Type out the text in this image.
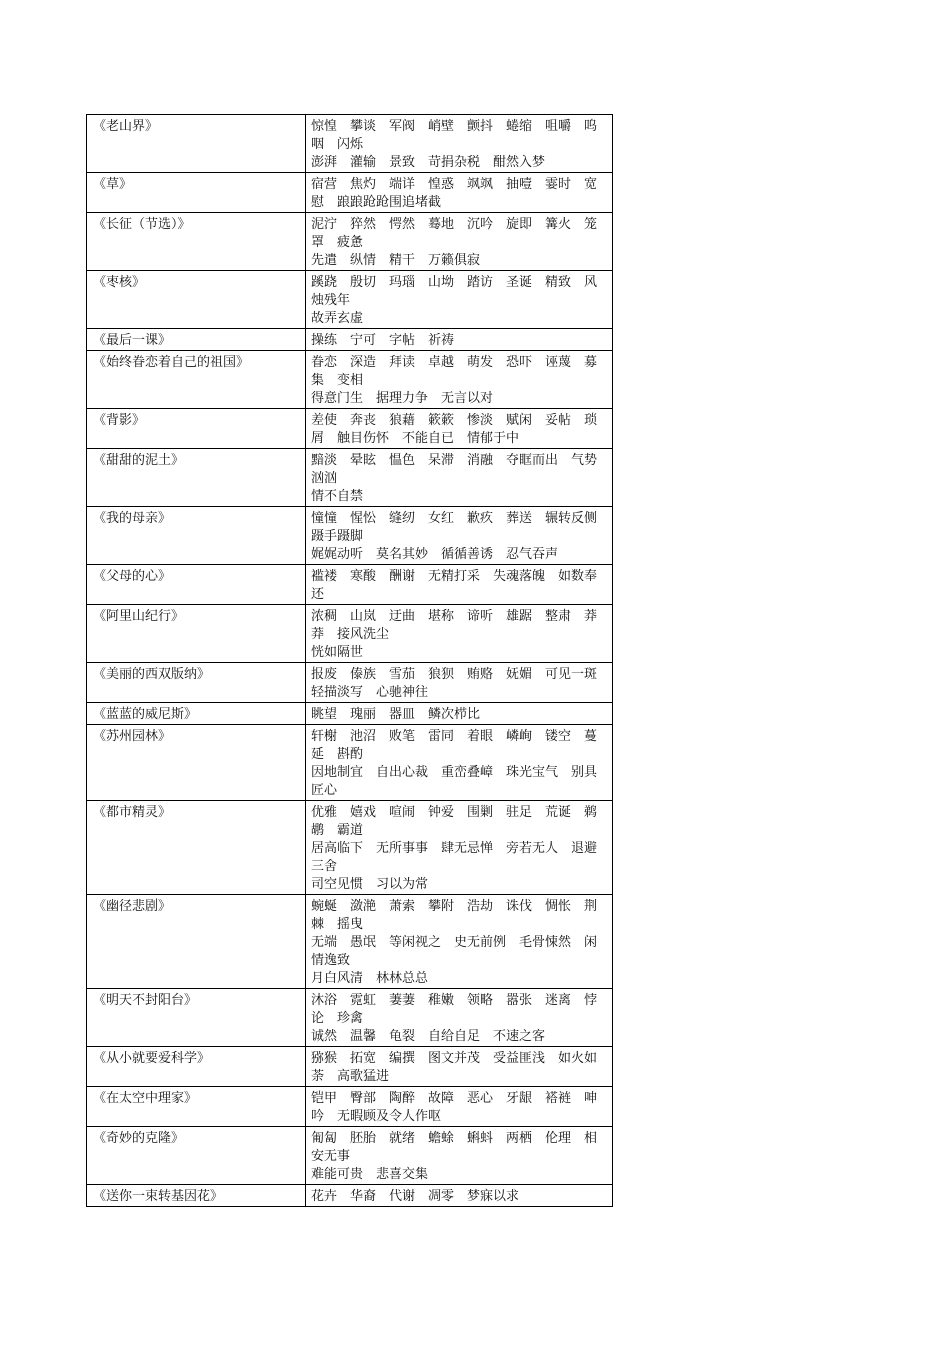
《老山界》	惊惶　攀谈　军阀　峭壁　颤抖　蜷缩　咀嚼　呜咽　闪烁
澎湃　灌输　景致　苛捐杂税　酣然入梦

《草》	宿营　焦灼　端详　惶惑　飒飒　抽噎　霎时　宽慰　踉踉跄跄围追堵截

《长征（节选）》	泥泞　猝然　愕然　蓦地　沉吟　旋即　篝火　笼罩　疲惫
先遣　纵情　精干　万籁俱寂

《枣核》	蹊跷　殷切　玛瑙　山坳　踏访　圣诞　精致　风烛残年
故弄玄虚

《最后一课》	操练　宁可　字帖　祈祷

《始终眷恋着自己的祖国》	眷恋　深造　拜读　卓越　萌发　恐吓　诬蔑　募集　变相
得意门生　据理力争　无言以对

《背影》	差使　奔丧　狼藉　簌簌　惨淡　赋闲　妥帖　琐屑　触目伤怀　不能自已　情郁于中

《甜甜的泥土》	黯淡　晕眩　愠色　呆滞　消融　夺眶而出　气势汹汹
情不自禁

《我的母亲》	憧憧　惺忪　缝纫　女红　歉疚　葬送　辗转反侧　蹑手蹑脚
娓娓动听　莫名其妙　循循善诱　忍气吞声

《父母的心》	褴褛　寒酸　酬谢　无精打采　失魂落魄　如数奉还

《阿里山纪行》	浓稠　山岚　迂曲　堪称　谛听　雄踞　整肃　莽莽　接风洗尘
恍如隔世

《美丽的西双版纳》	报废　傣族　雪茄　狼狈　贿赂　妩媚　可见一斑　轻描淡写　心驰神往

《蓝蓝的威尼斯》	眺望　瑰丽　器皿　鳞次栉比

《苏州园林》	轩榭　池沼　败笔　雷同　着眼　嶙峋　镂空　蔓延　斟酌
因地制宜　自出心裁　重峦叠嶂　珠光宝气　别具匠心

《都市精灵》	优雅　嬉戏　喧闹　钟爱　围剿　驻足　荒诞　鹈鹕　霸道
居高临下　无所事事　肆无忌惮　旁若无人　退避三舍
司空见惯　习以为常

《幽径悲剧》	蜿蜒　潋滟　萧索　攀附　浩劫　诛伐　惆怅　荆棘　摇曳
无端　愚氓　等闲视之　史无前例　毛骨悚然　闲情逸致
月白风清　林林总总

《明天不封阳台》	沐浴　霓虹　萋萋　稚嫩　领略　嚣张　迷离　悖论　珍禽
诚然　温馨　龟裂　自给自足　不速之客

《从小就要爱科学》	猕猴　拓宽　编撰　图文并茂　受益匪浅　如火如荼　高歌猛进

《在太空中理家》	铠甲　臀部　陶醉　故障　恶心　牙龈　褡裢　呻吟　无暇顾及令人作呕

《奇妙的克隆》	匍匐　胚胎　就绪　蟾蜍　蝌蚪　两栖　伦理　相安无事
难能可贵　悲喜交集

《送你一束转基因花》	花卉　华裔　代谢　凋零　梦寐以求
